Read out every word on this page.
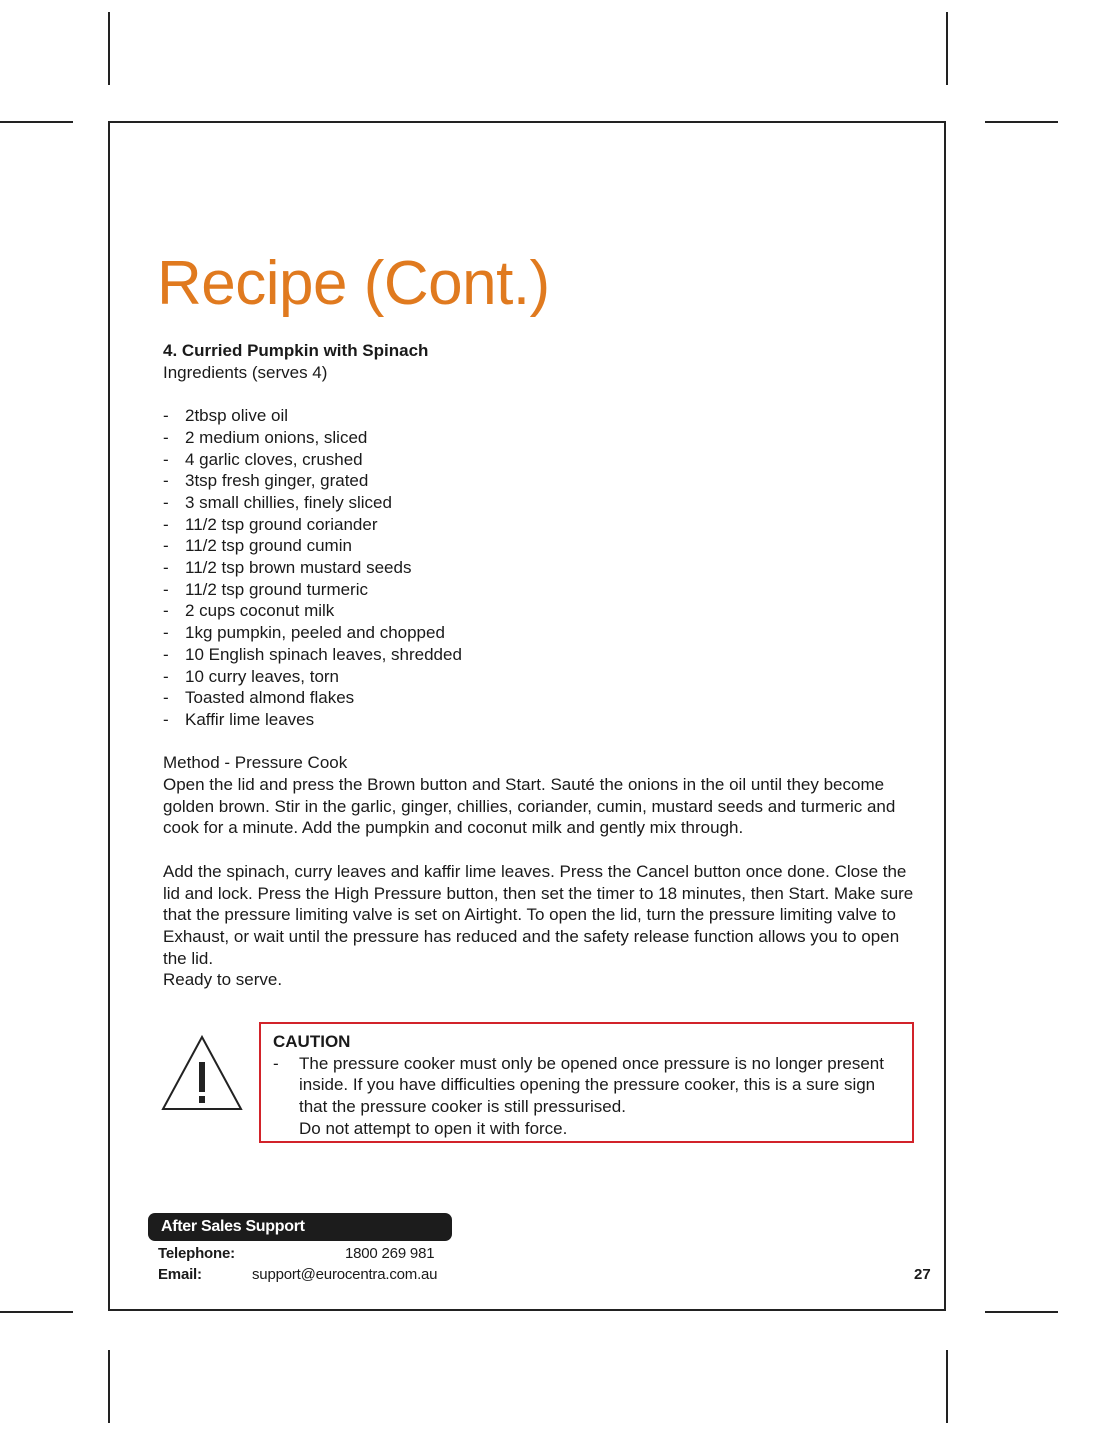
Recipe (Cont.)
4. Curried Pumpkin with Spinach
Ingredients (serves 4)
- 2tbsp olive oil
- 2 medium onions, sliced
- 4 garlic cloves, crushed
- 3tsp fresh ginger, grated
- 3 small chillies, finely sliced
- 11/2 tsp ground coriander
- 11/2 tsp ground cumin
- 11/2 tsp brown mustard seeds
- 11/2 tsp ground turmeric
- 2 cups coconut milk
- 1kg pumpkin, peeled and chopped
- 10 English spinach leaves, shredded
- 10 curry leaves, torn
- Toasted almond flakes
- Kaffir lime leaves
Method - Pressure Cook

Open the lid and press the Brown button and Start. Sauté the onions in the oil until they become golden brown. Stir in the garlic, ginger, chillies, coriander, cumin, mustard seeds and turmeric and cook for a minute. Add the pumpkin and coconut milk and gently mix through.

Add the spinach, curry leaves and kaffir lime leaves. Press the Cancel button once done. Close the lid and lock. Press the High Pressure button, then set the timer to 18 minutes, then Start. Make sure that the pressure limiting valve is set on Airtight. To open the lid, turn the pressure limiting valve to Exhaust, or wait until the pressure has reduced and the safety release function allows you to open the lid.

Ready to serve.

CAUTION
- The pressure cooker must only be opened once pressure is no longer present inside. If you have difficulties opening the pressure cooker, this is a sure sign that the pressure cooker is still pressurised.
Do not attempt to open it with force.
After Sales Support
Telephone:	1800 269 981
Email:	support@eurocentra.com.au	27
